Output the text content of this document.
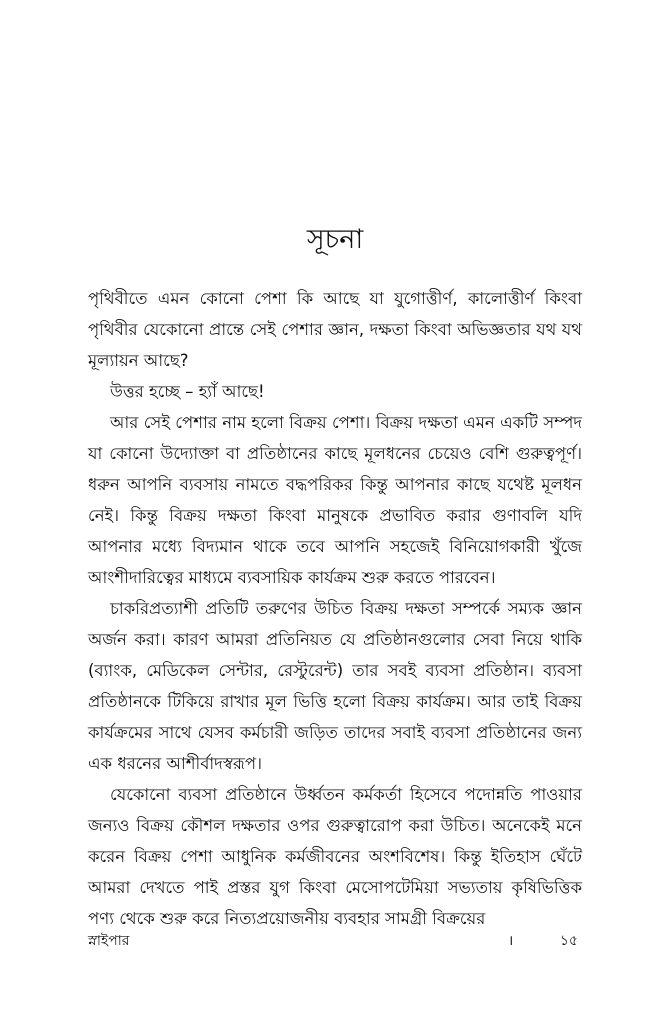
সূচনা

পৃথিবীতে এমন কোনো পেশা কি আছে যা যুগোত্তীর্ণ, কালোত্তীর্ণ কিংবা পৃথিবীর যেকোনো প্রান্তে সেই পেশার জ্ঞান, দক্ষতা কিংবা অভিজ্ঞতার যথ যথ মূল্যায়ন আছে?

উত্তর হচ্ছে – হ্যাঁ আছে!

আর সেই পেশার নাম হলো বিক্রয় পেশা। বিক্রয় দক্ষতা এমন একটি সম্পদ যা কোনো উদ্যোক্তা বা প্রতিষ্ঠানের কাছে মূলধনের চেয়েও বেশি গুরুত্বপূর্ণ। ধরুন আপনি ব্যবসায় নামতে বদ্ধপরিকর কিন্তু আপনার কাছে যথেষ্ট মূলধন নেই। কিন্তু বিক্রয় দক্ষতা কিংবা মানুষকে প্রভাবিত করার গুণাবলি যদি আপনার মধ্যে বিদ্যমান থাকে তবে আপনি সহজেই বিনিয়োগকারী খুঁজে আংশীদারিত্বের মাধ্যমে ব্যবসায়িক কার্যক্রম শুরু করতে পারবেন।

চাকরিপ্রত্যাশী প্রতিটি তরুণের উচিত বিক্রয় দক্ষতা সম্পর্কে সম্যক জ্ঞান অর্জন করা। কারণ আমরা প্রতিনিয়ত যে প্রতিষ্ঠানগুলোর সেবা নিয়ে থাকি (ব্যাংক, মেডিকেল সেন্টার, রেস্টুরেন্ট) তার সবই ব্যবসা প্রতিষ্ঠান। ব্যবসা প্রতিষ্ঠানকে টিকিয়ে রাখার মূল ভিত্তি হলো বিক্রয় কার্যক্রম। আর তাই বিক্রয় কার্যক্রমের সাথে যেসব কর্মচারী জড়িত তাদের সবাই ব্যবসা প্রতিষ্ঠানের জন্য এক ধরনের আশীর্বাদস্বরূপ।

যেকোনো ব্যবসা প্রতিষ্ঠানে উর্ধ্বতন কর্মকর্তা হিসেবে পদোন্নতি পাওয়ার জন্যও বিক্রয় কৌশল দক্ষতার ওপর গুরুত্বারোপ করা উচিত। অনেকেই মনে করেন বিক্রয় পেশা আধুনিক কর্মজীবনের অংশবিশেষ। কিন্তু ইতিহাস ঘেঁটে আমরা দেখতে পাই প্রস্তর যুগ কিংবা মেসোপটেমিয়া সভ্যতায় কৃষিভিত্তিক পণ্য থেকে শুরু করে নিত্যপ্রয়োজনীয় ব্যবহার সামগ্রী বিক্রয়ের

স্নাইপার	।	১৫
